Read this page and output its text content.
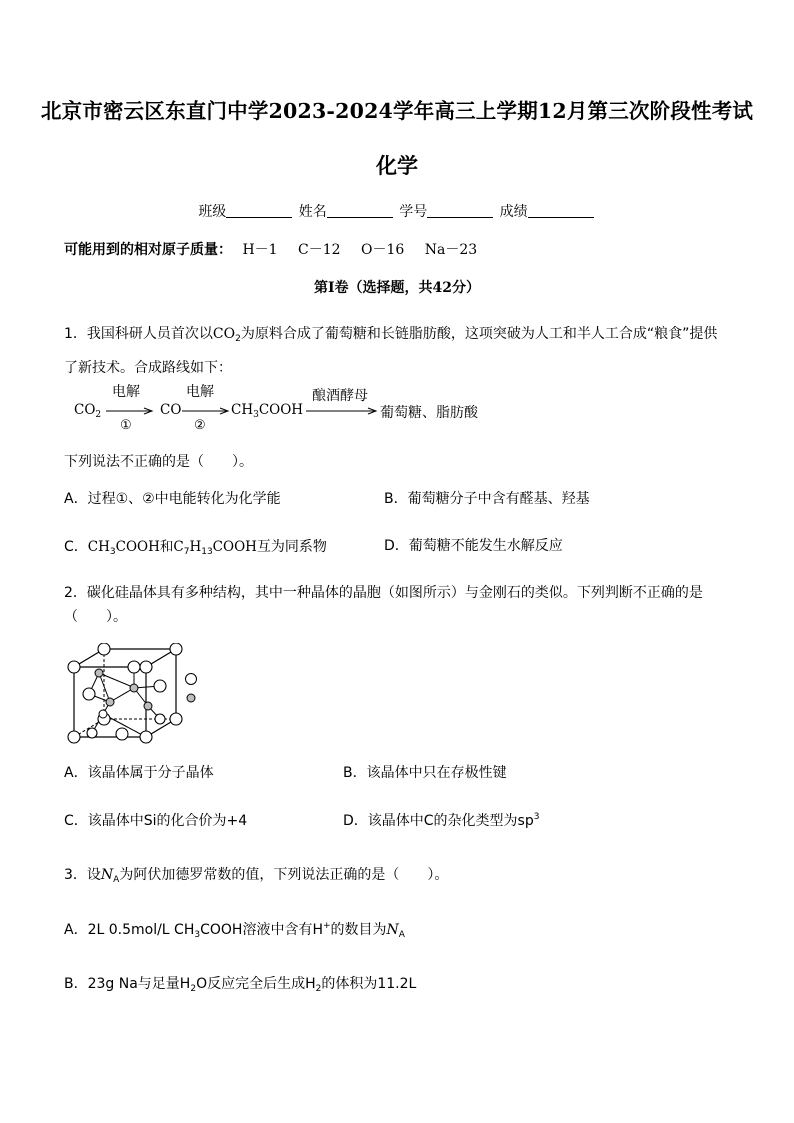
北京市密云区东直门中学2023-2024学年高三上学期12月第三次阶段性考试
化学
班级	姓名	学号	成绩
可能用到的相对原子质量： H－1 C－12 O－16 Na－23
第Ⅰ卷（选择题，共42分）
1．我国科研人员首次以$CO_2$为原料合成了葡萄糖和长链脂肪酸，这项突破为人工和半人工合成“粮食”提供
了新技术。合成路线如下：
$CO_2$
电解
①
CO
电解
②
$CH_3COOH$
酿酒酵母
葡萄糖、脂肪酸
下列说法不正确的是（　　）。
A．过程①、②中电能转化为化学能	B．葡萄糖分子中含有醛基、羟基
C．$CH_3COOH$和$C_7H_{13}COOH$互为同系物	D．葡萄糖不能发生水解反应
2．碳化硅晶体具有多种结构，其中一种晶体的晶胞（如图所示）与金刚石的类似。下列判断不正确的是
（　　）。
A．该晶体属于分子晶体	B．该晶体中只在存极性键
C．该晶体中Si的化合价为+4	D．该晶体中C的杂化类型为$sp^3$
3．设$N_A$为阿伏加德罗常数的值，下列说法正确的是（　　）。
A．2L 0.5mol/L $CH_3COOH$溶液中含有H+的数目为$N_A$
B．23g Na与足量$H_2O$反应完全后生成$H_2$的体积为11.2L
